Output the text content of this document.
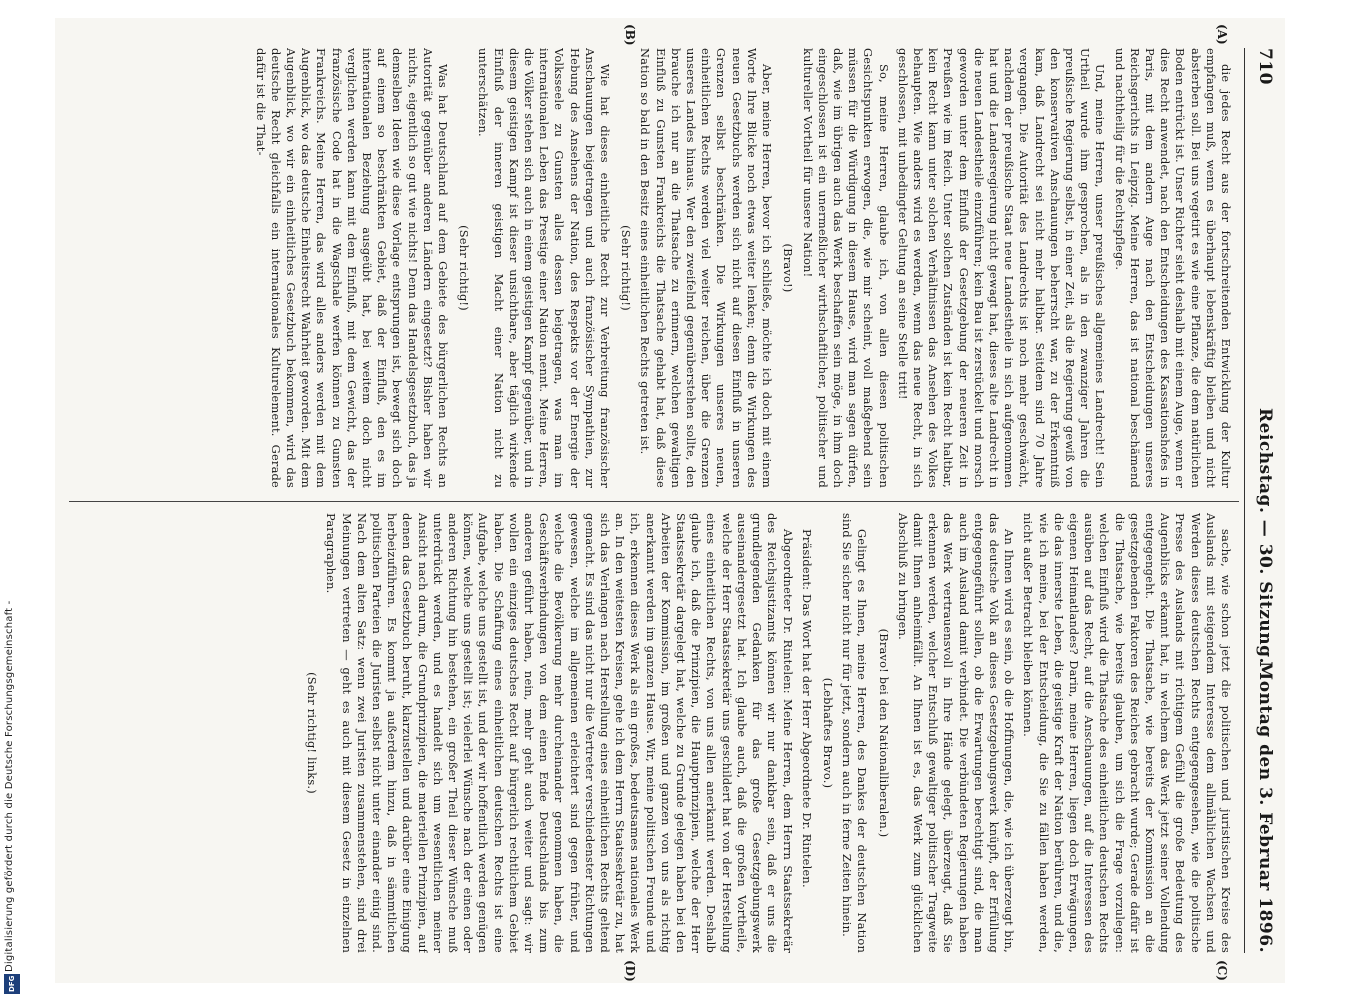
710
Reichstag. — 30. Sitzung.
Montag den 3. Februar 1896.
(A)
(B)
(C)
(D)

die jedes Recht aus der fortschreitenden Entwicklung der Kultur empfangen muß, wenn es überhaupt lebenskräftig bleiben und nicht absterben soll. Bei uns vegetirt es wie eine Pflanze, die dem natürlichen Boden entrückt ist. Unser Richter sieht deshalb mit einem Auge, wenn er dies Recht anwendet, nach den Entscheidungen des Kassationshofes in Paris, mit dem andern Auge nach den Entscheidungen unseres Reichsgerichts in Leipzig. Meine Herren, das ist national beschämend und nachtheilig für die Rechtspflege.

Und, meine Herren, unser preußisches allgemeines Landrecht! Sein Urtheil wurde ihm gesprochen, als in den zwanziger Jahren die preußische Regierung selbst, in einer Zeit, als die Regierung gewiß von den konservativen Anschauungen beherrscht war, zu der Erkenntniß kam, daß Landrecht sei nicht mehr haltbar. Seitdem sind 70 Jahre vergangen. Die Autorität des Landrechts ist noch mehr geschwächt, nachdem der preußische Staat neue Landestheile in sich aufgenommen hat und die Landesregierung nicht gewagt hat, dieses alte Landrecht in die neuen Landestheile einzuführen; kein Bau ist zerstückelt und morsch geworden unter dem Einfluß der Gesetzgebung der neueren Zeit in Preußen wie im Reich. Unter solchen Zuständen ist kein Recht haltbar, kein Recht kann unter solchen Verhältnissen das Ansehen des Volkes behaupten. Wie anders wird es werden, wenn das neue Recht, in sich geschlossen, mit unbedingter Geltung an seine Stelle tritt!

So, meine Herren, glaube ich, von allen diesen politischen Gesichtspunkten erwogen, die, wie mir scheint, voll maßgebend sein müssen für die Würdigung in diesem Hause, wird man sagen dürfen, daß, wie im übrigen auch das Werk beschaffen sein möge, in ihm doch eingeschlossen ist ein unermeßlicher wirthschaftlicher, politischer und kultureller Vortheil für unsere Nation!

(Bravo!)

Aber, meine Herren, bevor ich schließe, möchte ich doch mit einem Worte Ihre Blicke noch etwas weiter lenken; denn die Wirkungen des neuen Gesetzbuchs werden sich nicht auf diesen Einfluß in unseren Grenzen selbst beschränken. Die Wirkungen unseres neuen, einheitlichen Rechts werden viel weiter reichen, über die Grenzen unseres Landes hinaus. Wer den zweifelnd gegenüberstehen sollte, den brauche ich nur an die Thatsache zu erinnern, welchen gewaltigen Einfluß zu Gunsten Frankreichs die Thatsache gehabt hat, daß diese Nation so bald in den Besitz eines einheitlichen Rechts getreten ist.

(Sehr richtig!)

Wie hat dieses einheitliche Recht zur Verbreitung französischer Anschauungen beigetragen und auch französischer Sympathien, zur Hebung des Ansehens der Nation, des Respekts vor der Energie der Volksseele zu Gunsten alles dessen beigetragen, was man im internationalen Leben das Prestige einer Nation nennt. Meine Herren, die Völker stehen sich auch in einem geistigen Kampf gegenüber, und in diesem geistigen Kampf ist dieser unsichtbare, aber täglich wirkende Einfluß der inneren geistigen Macht einer Nation nicht zu unterschätzen.

(Sehr richtig!)

Was hat Deutschland auf dem Gebiete des bürgerlichen Rechts an Autorität gegenüber anderen Ländern eingesetzt? Bisher haben wir nichts, eigentlich so gut wie nichts! Denn das Handelsgesetzbuch, das ja demselben Ideen wie diese Vorlage entsprungen ist, bewegt sich doch auf einem so beschränkten Gebiet, daß der Einfluß, den es im internationalen Beziehung ausgeübt hat, bei weitem doch nicht verglichen werden kann mit dem Einfluß, mit dem Gewicht, das der französische Code hat in die Wagschale werfen können zu Gunsten Frankreichs. Meine Herren, das wird alles anders werden mit dem Augenblick, wo das deutsche Einheitsrecht Wahrheit geworden. Mit dem Augenblick, wo wir ein einheitliches Gesetzbuch bekommen, wird das deutsche Recht gleichfalls ein internationales Kulturelement. Gerade dafür ist die That-

sache, wie schon jetzt die politischen und juristischen Kreise des Auslands mit steigendem Interesse dem allmählichen Wachsen und Werden dieses deutschen Rechts entgegengesehen, wie die politische Presse des Auslands mit richtigem Gefühl die große Bedeutung des Augenblicks erkannt hat, in welchem das Werk jetzt seiner Vollendung entgegengeht. Die Thatsache, wie bereits der Kommission an die gesetzgebenden Faktoren des Reiches gebracht wurde; Gerade dafür ist die Thatsache, wie bereits glauben, um sich die Frage vorzulegen: welchen Einfluß wird die Thatsache des einheitlichen deutschen Rechts ausüben auf das Recht, auf die Anschauungen, auf die Interessen des eigenen Heimatlandes? Darin, meine Herren, liegen doch Erwägungen, die das innerste Leben, die geistige Kraft der Nation berühren, und die, wie ich meine, bei der Entscheidung, die Sie zu fällen haben werden, nicht außer Betracht bleiben können.

An Ihnen wird es sein, ob die Hoffnungen, die, wie ich überzeugt bin, das deutsche Volk an dieses Gesetzgebungswerk knüpft, der Erfüllung entgegengeführt sollen, ob die Erwartungen berechtigt sind, die man auch im Ausland damit verbindet. Die verbündeten Regierungen haben das Werk vertrauensvoll in Ihre Hände gelegt, überzeugt, daß Sie erkennen werden, welcher Entschluß gewaltiger politischer Tragweite damit Ihnen anheimfällt. An Ihnen ist es, das Werk zum glücklichen Abschluß zu bringen.

(Bravo! bei den Nationalliberalen.)

Gelingt es Ihnen, meine Herren, des Dankes der deutschen Nation sind Sie sicher nicht nur für jetzt, sondern auch in ferne Zeiten hinein.

(Lebhaftes Bravo.)

Präsident: Das Wort hat der Herr Abgeordnete Dr. Rintelen.

Abgeordneter Dr. Rintelen: Meine Herren, dem Herrn Staatssekretär des Reichsjustizamts können wir nur dankbar sein, daß er uns die grundlegenden Gedanken für das große Gesetzgebungswerk auseinandergesetzt hat. Ich glaube auch, daß die großen Vortheile, welche der Herr Staatssekretär uns geschildert hat von der Herstellung eines einheitlichen Rechts, von uns allen anerkannt werden. Deshalb glaube ich, daß die Prinzipien, die Hauptprinzipien, welche der Herr Staatssekretär dargelegt hat, welche zu Grunde gelegen haben bei den Arbeiten der Kommission, im großen und ganzen von uns als richtig anerkannt werden im ganzen Hause. Wir, meine politischen Freunde und ich, erkennen dieses Werk als ein großes, bedeutsames nationales Werk an. In den weitesten Kreisen, gehe ich dem Herrn Staatssekretär zu, hat sich das Verlangen nach Herstellung eines einheitlichen Rechts geltend gemacht. Es sind das nicht nur die Vertreter verschiedenster Richtungen gewesen, welche im allgemeinen erleichtert sind gegen früher, und welche die Bevölkerung mehr durcheinander genommen haben, die Geschäftsverbindungen von dem einen Ende Deutschlands bis zum anderen geführt haben, nein, mehr geht auch weiter und sagt: wir wollen ein einziges deutsches Recht auf bürgerlich rechtlichem Gebiet haben. Die Schaffung eines einheitlichen deutschen Rechts ist eine Aufgabe, welche uns gestellt ist, und der wir hoffentlich werden genügen können, welche uns gestellt ist; vielerlei Wünsche nach der einen oder anderen Richtung hin bestehen, ein großer Theil dieser Wünsche muß unterdrückt werden, und es handelt sich um wesentlichen meiner Ansicht nach darum, die Grundprinzipien, die materiellen Prinzipien, auf denen das Gesetzbuch beruht, klarzustellen und darüber eine Einigung herbeizuführen. Es kommt ja außerdem hinzu, daß in sämmtlichen politischen Parteien die Juristen selbst nicht unter einander einig sind. Nach dem alten Satz: wenn zwei Juristen zusammenstehen, sind drei Meinungen vertreten — geht es auch mit diesem Gesetz in einzelnen Paragraphen.

(Sehr richtig! links.)

Digitalisierung gefördert durch die Deutsche Forschungsgemeinschaft -
DFG
